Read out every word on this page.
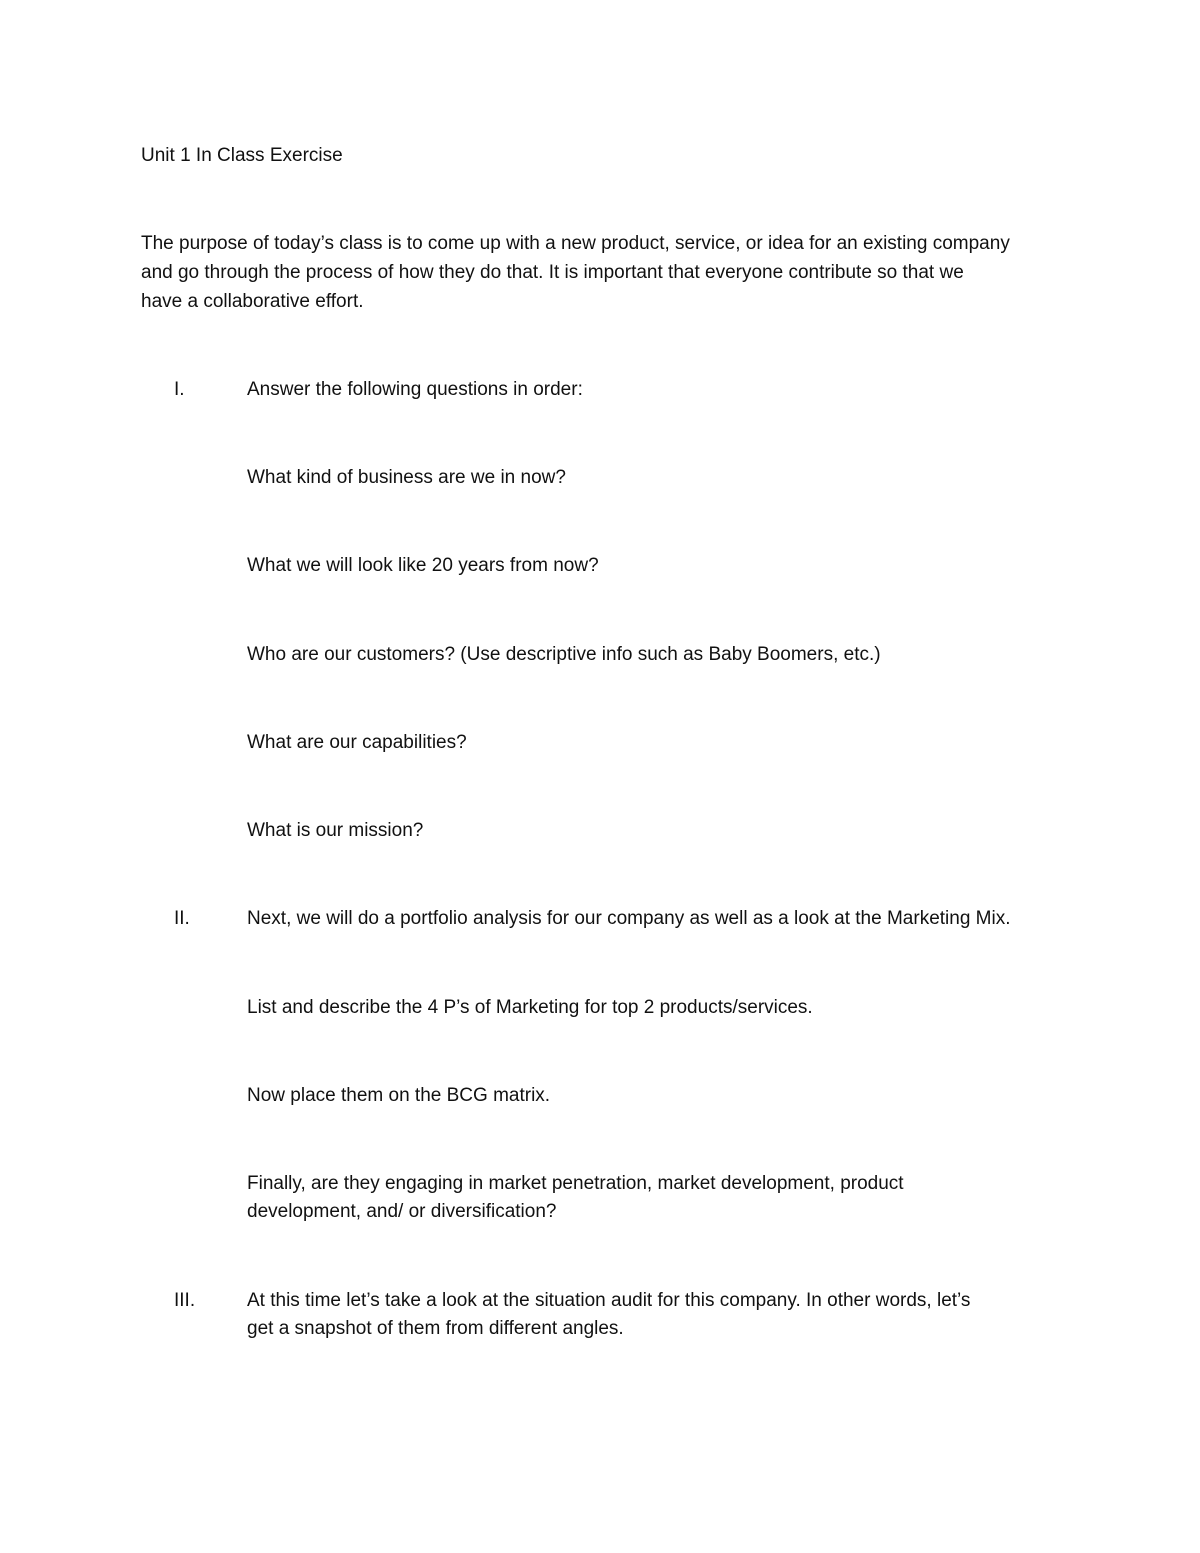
Unit 1 In Class Exercise
The purpose of today’s class is to come up with a new product, service, or idea for an existing company
and go through the process of how they do that. It is important that everyone contribute so that we
have a collaborative effort.
I.	Answer the following questions in order:
What kind of business are we in now?
What we will look like 20 years from now?
Who are our customers? (Use descriptive info such as Baby Boomers, etc.)
What are our capabilities?
What is our mission?
II.	Next, we will do a portfolio analysis for our company as well as a look at the Marketing Mix.
List and describe the 4 P’s of Marketing for top 2 products/services.
Now place them on the BCG matrix.
Finally, are they engaging in market penetration, market development, product
development, and/ or diversification?
III.	At this time let’s take a look at the situation audit for this company. In other words, let’s
get a snapshot of them from different angles.
